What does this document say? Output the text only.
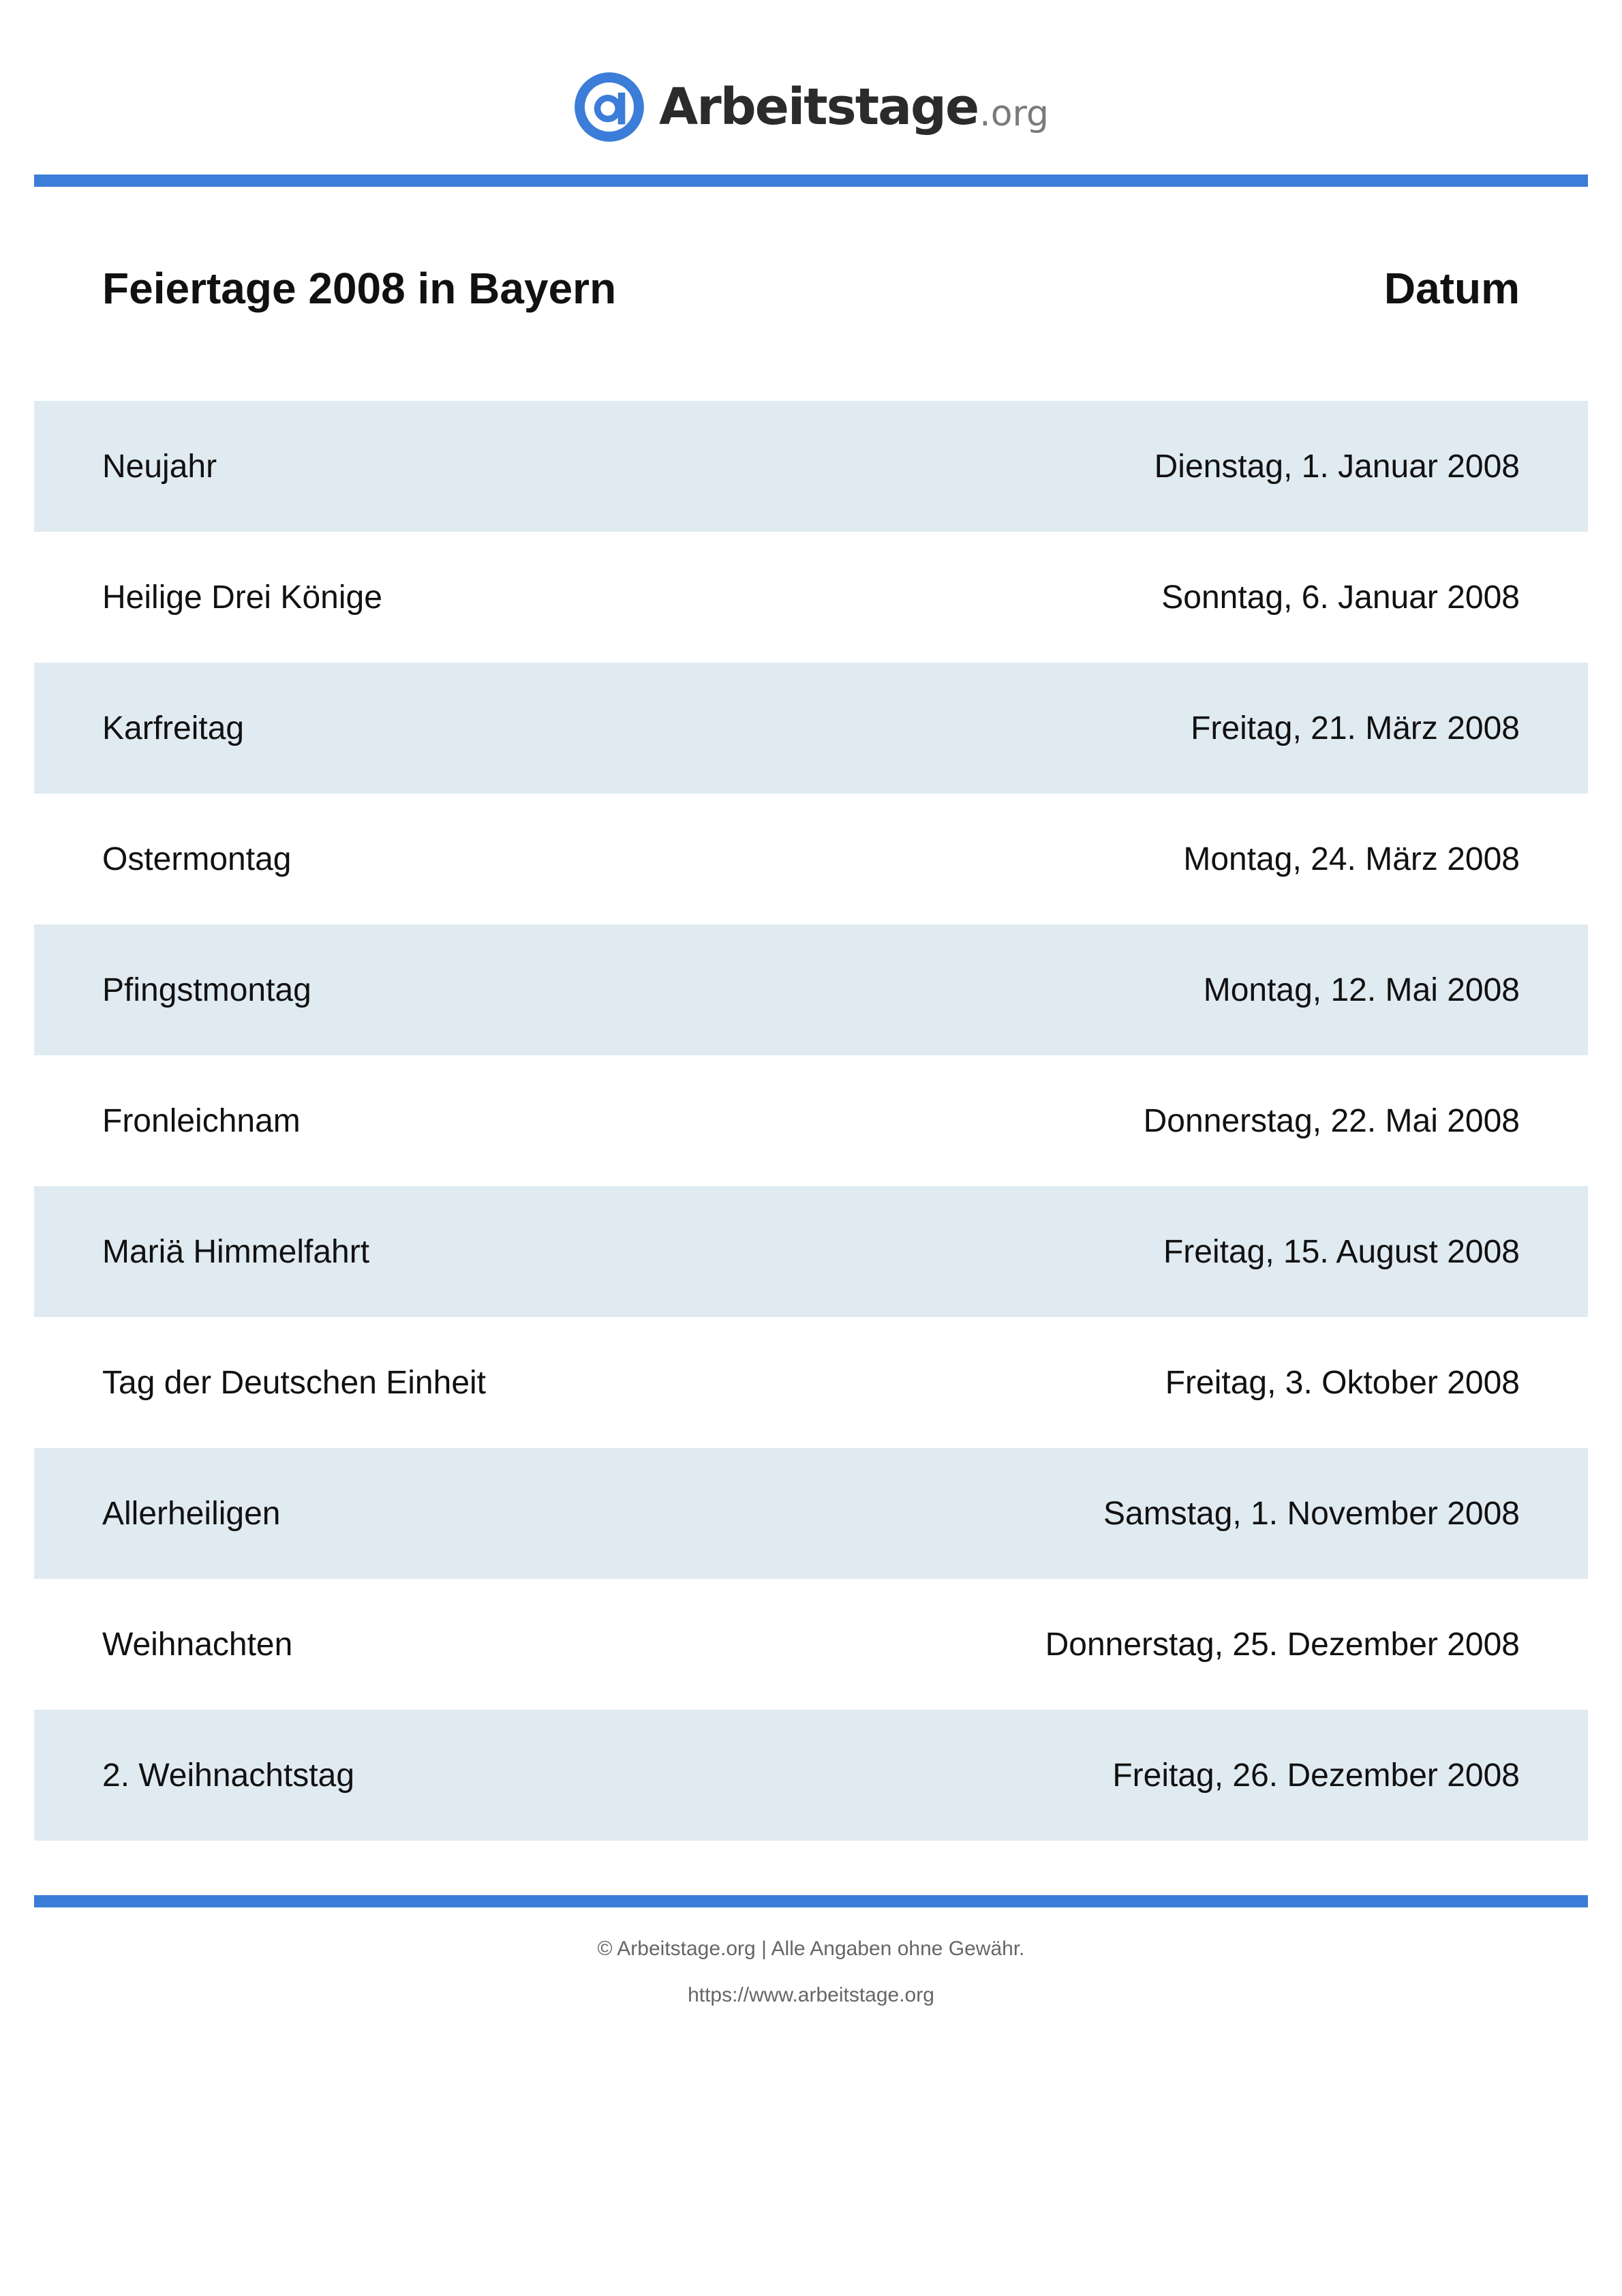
Arbeitstage .org
Feiertage 2008 in Bayern	Datum
Neujahr	Dienstag, 1. Januar 2008
Heilige Drei Könige	Sonntag, 6. Januar 2008
Karfreitag	Freitag, 21. März 2008
Ostermontag	Montag, 24. März 2008
Pfingstmontag	Montag, 12. Mai 2008
Fronleichnam	Donnerstag, 22. Mai 2008
Mariä Himmelfahrt	Freitag, 15. August 2008
Tag der Deutschen Einheit	Freitag, 3. Oktober 2008
Allerheiligen	Samstag, 1. November 2008
Weihnachten	Donnerstag, 25. Dezember 2008
2. Weihnachtstag	Freitag, 26. Dezember 2008
© Arbeitstage.org | Alle Angaben ohne Gewähr.
https://www.arbeitstage.org
